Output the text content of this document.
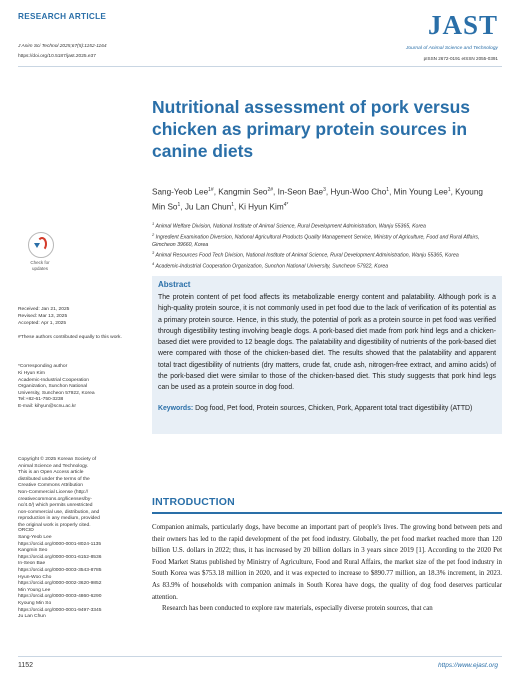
RESEARCH ARTICLE
J Anim Sci Technol 2025;67(5):1152-1164
https://doi.org/10.5187/jast.2025.e37
JAST
Journal of Animal Science and Technology
pISSN 2672-0191 eISSN 2055-0391
Nutritional assessment of pork versus chicken as primary protein sources in canine diets
Sang-Yeob Lee$^{1\#}$, Kangmin Seo$^{2\#}$, In-Seon Bae$^3$, Hyun-Woo Cho$^1$, Min Young Lee$^1$, Kyoung Min So$^1$, Ju Lan Chun$^1$, Ki Hyun Kim$^{4*}$

$^1$ Animal Welfare Division, National Institute of Animal Science, Rural Development Administration, Wanju 55365, Korea

$^2$ Ingredient Examination Diversion, National Agricultural Products Quality Management Service, Ministry of Agriculture, Food and Rural Affairs, Gimcheon 39660, Korea

$^3$ Animal Resources Food Tech Division, National Institute of Animal Science, Rural Development Administration, Wanju 55365, Korea

$^4$ Academic-Industrial Cooperation Organization, Sunchon National University, Suncheon 57922, Korea

Check for
updates
Received: Jan 21, 2025
Revised: Mar 13, 2025
Accepted: Apr 1, 2025
#These authors contributed equally to this work.
*Corresponding author
Ki Hyun Kim
Academic-Industrial Cooperation
Organization, Sunchon National
University, Suncheon 57922, Korea
Tel:+82-61-750-3238
E-mail: kihyun@scnu.ac.kr
Copyright © 2025 Korean Society of
Animal Science and Technology.
This is an Open Access article
distributed under the terms of the
Creative Commons Attribution
Non-Commercial License (http://
creativecommons.org/licenses/by-
nc/4.0/) which permits unrestricted
non-commercial use, distribution, and
reproduction in any medium, provided
the original work is properly cited.
ORCID
Sang-Yeob Lee
https://orcid.org/0000-0001-8024-1135
Kangmin Seo
https://orcid.org/0000-0001-6152-8536
In-Seon Bae
https://orcid.org/0000-0003-3543-8785
Hyun-Woo Cho
https://orcid.org/0000-0002-3620-9852
Min Young Lee
https://orcid.org/0000-0003-4860-6290
Kyoung Min So
https://orcid.org/0000-0001-9497-3345
Ju Lan Chun
Abstract
The protein content of pet food affects its metabolizable energy content and palatability. Although pork is a high-quality protein source, it is not commonly used in pet food due to the lack of verification of its potential as a primary protein source. Hence, in this study, the potential of pork as a protein source in pet food was verified through digestibility testing involving beagle dogs. A pork-based diet made from pork hind legs and a chicken-based diet were provided to 12 beagle dogs. The palatability and digestibility of nutrients of the pork-based diet were compared with those of the chicken-based diet. The results showed that the palatability and apparent total tract digestibility of nutrients (dry matters, crude fat, crude ash, nitrogen-free extract, and amino acids) of the pork-based diet were similar to those of the chicken-based diet. This study suggests that pork hind legs can be used as a protein source in dog food.
Keywords: Dog food, Pet food, Protein sources, Chicken, Pork, Apparent total tract digestibility (ATTD)
INTRODUCTION

Companion animals, particularly dogs, have become an important part of people's lives. The growing bond between pets and their owners has led to the rapid development of the pet food industry. Globally, the pet food market reached more than 120 billion U.S. dollars in 2022; thus, it has increased by 20 billion dollars in 3 years since 2019 [1]. According to the 2020 Pet Food Market Status published by Ministry of Agriculture, Food and Rural Affairs, the market size of the pet food industry in South Korea was $753.18 million in 2020, and it was expected to increase to $890.77 million, an 18.3% increment, in 2023. As 83.9% of households with companion animals in South Korea have dogs, the quality of dog food deserves particular attention.

Research has been conducted to explore raw materials, especially diverse protein sources, that can

1152	https://www.ejast.org
